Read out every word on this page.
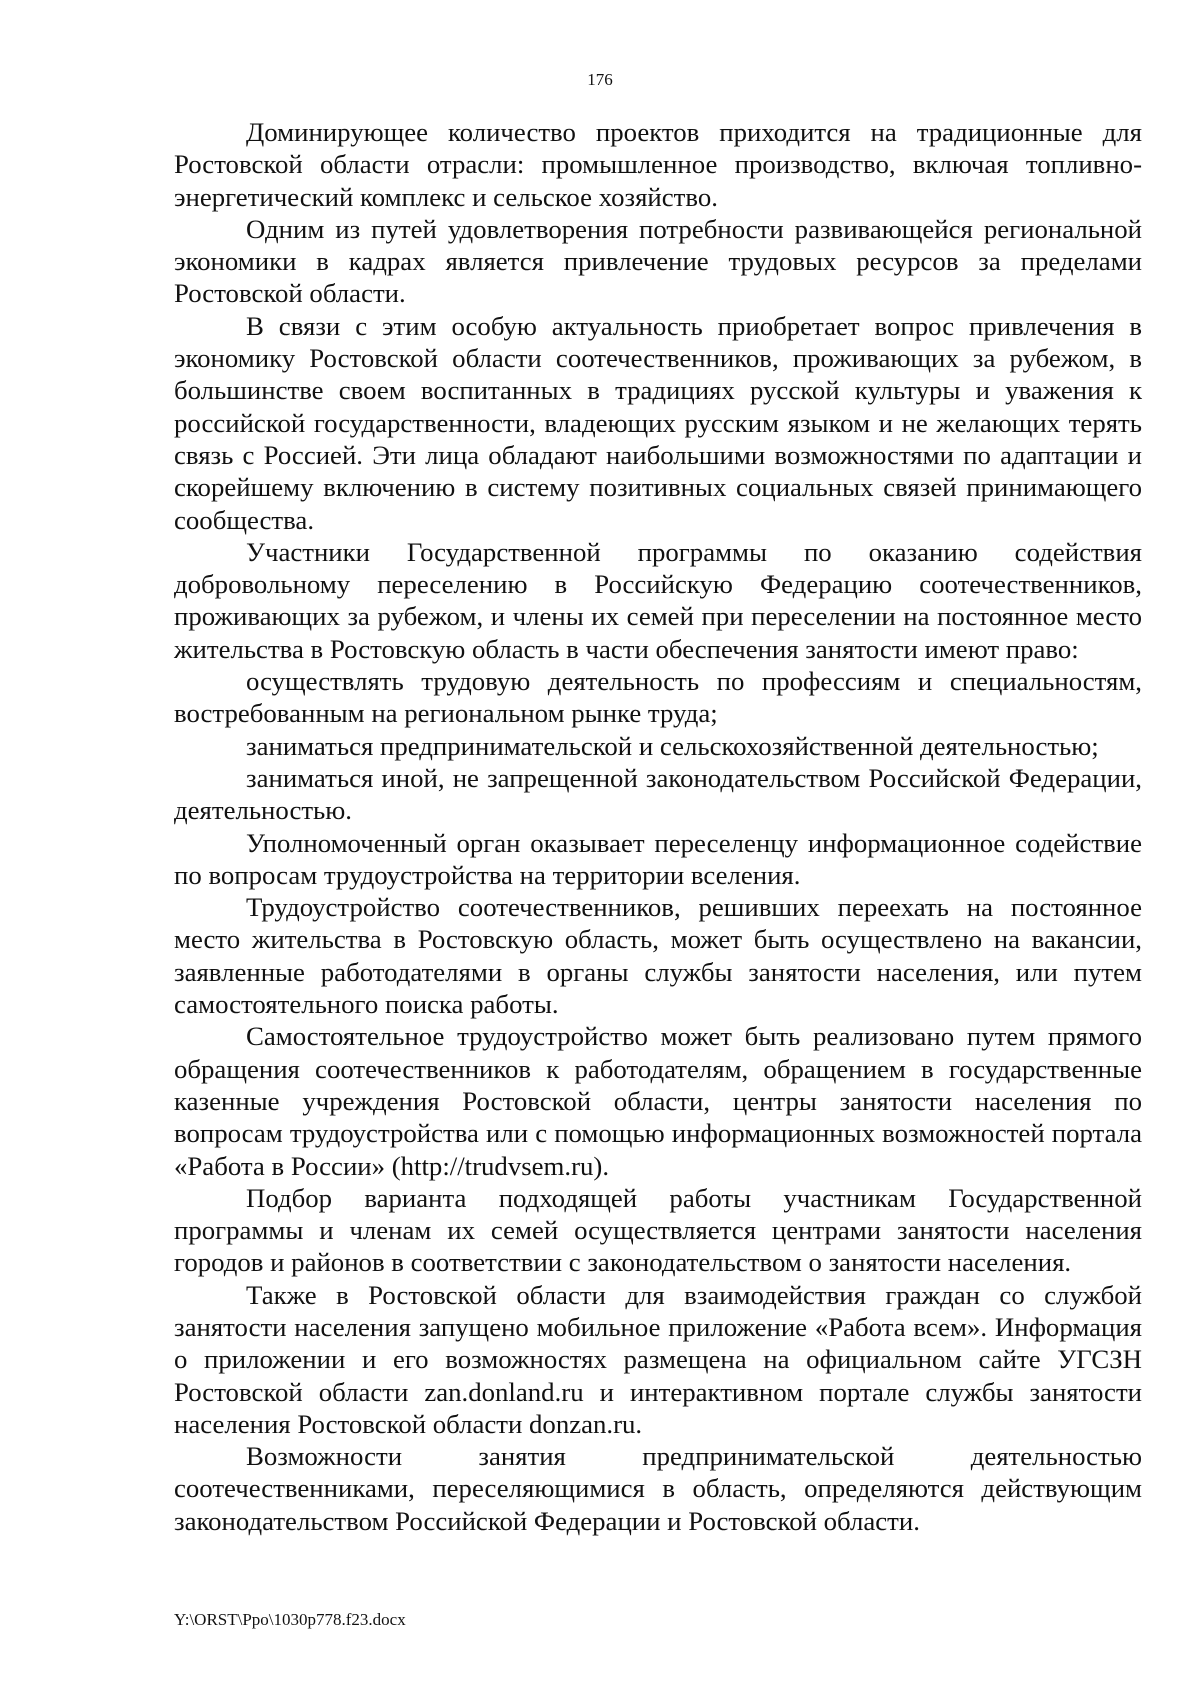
176

Доминирующее количество проектов приходится на традиционные для Ростовской области отрасли: промышленное производство, включая топливно-энергетический комплекс и сельское хозяйство.

Одним из путей удовлетворения потребности развивающейся региональной экономики в кадрах является привлечение трудовых ресурсов за пределами Ростовской области.

В связи с этим особую актуальность приобретает вопрос привлечения в экономику Ростовской области соотечественников, проживающих за рубежом, в большинстве своем воспитанных в традициях русской культуры и уважения к российской государственности, владеющих русским языком и не желающих терять связь с Россией. Эти лица обладают наибольшими возможностями по адаптации и скорейшему включению в систему позитивных социальных связей принимающего сообщества.

Участники Государственной программы по оказанию содействия добровольному переселению в Российскую Федерацию соотечественников, проживающих за рубежом, и члены их семей при переселении на постоянное место жительства в Ростовскую область в части обеспечения занятости имеют право:

осуществлять трудовую деятельность по профессиям и специальностям, востребованным на региональном рынке труда;

заниматься предпринимательской и сельскохозяйственной деятельностью;

заниматься иной, не запрещенной законодательством Российской Федерации, деятельностью.

Уполномоченный орган оказывает переселенцу информационное содействие по вопросам трудоустройства на территории вселения.

Трудоустройство соотечественников, решивших переехать на постоянное место жительства в Ростовскую область, может быть осуществлено на вакансии, заявленные работодателями в органы службы занятости населения, или путем самостоятельного поиска работы.

Самостоятельное трудоустройство может быть реализовано путем прямого обращения соотечественников к работодателям, обращением в государственные казенные учреждения Ростовской области, центры занятости населения по вопросам трудоустройства или с помощью информационных возможностей портала «Работа в России» (http://trudvsem.ru).

Подбор варианта подходящей работы участникам Государственной программы и членам их семей осуществляется центрами занятости населения городов и районов в соответствии с законодательством о занятости населения.

Также в Ростовской области для взаимодействия граждан со службой занятости населения запущено мобильное приложение «Работа всем». Информация о приложении и его возможностях размещена на официальном сайте УГСЗН Ростовской области zan.donland.ru и интерактивном портале службы занятости населения Ростовской области donzan.ru.

Возможности занятия предпринимательской деятельностью соотечественниками, переселяющимися в область, определяются действующим законодательством Российской Федерации и Ростовской области.

Y:\ORST\Ppo\1030p778.f23.docx
